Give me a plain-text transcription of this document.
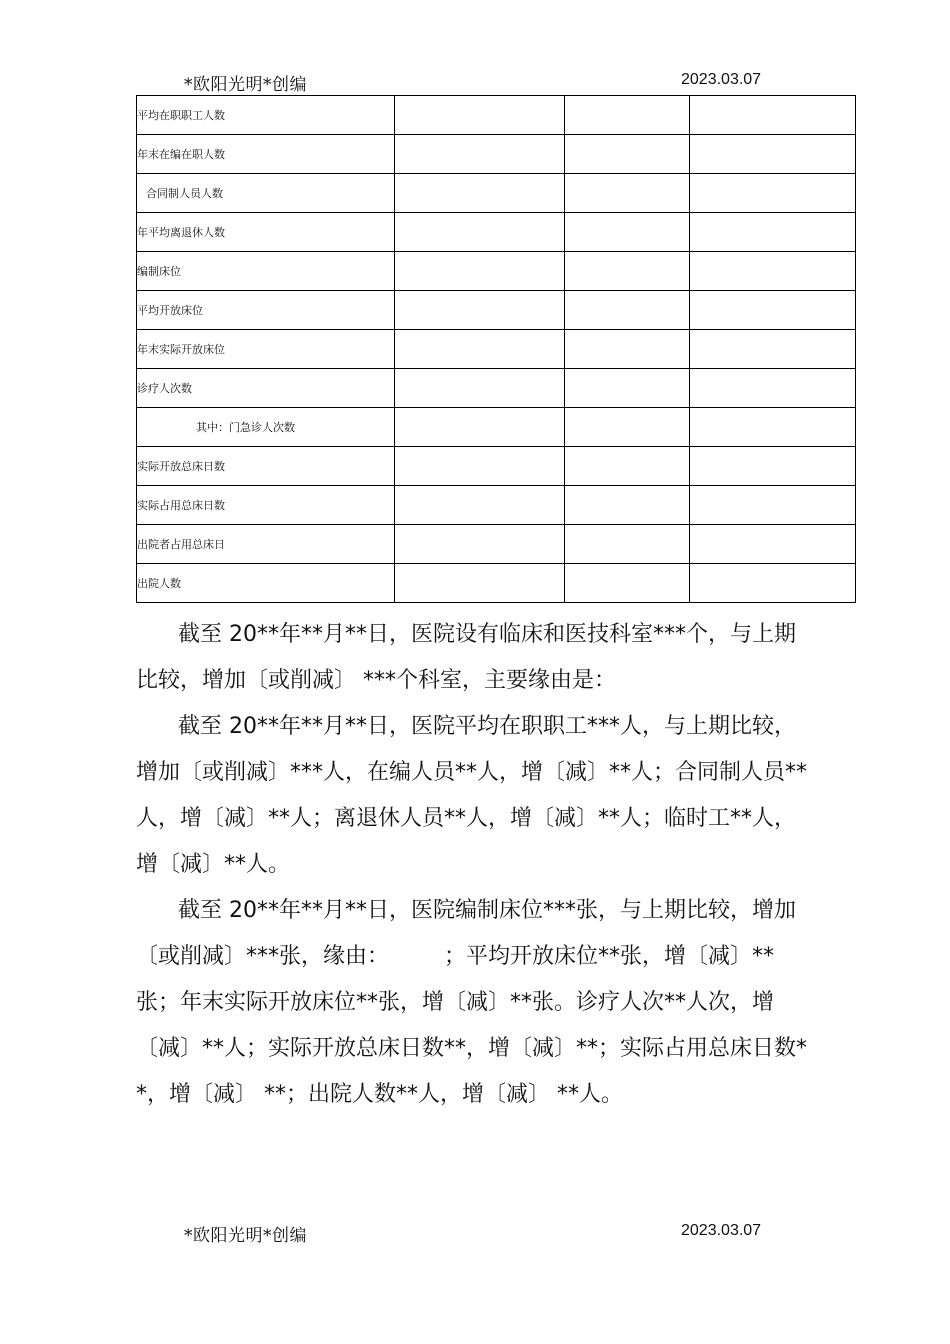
*欧阳光明*创编	2023.03.07
平均在职职工人数			
年末在编在职人数			
合同制人员人数			
年平均离退休人数			
编制床位			
平均开放床位			
年末实际开放床位			
诊疗人次数			
其中：门急诊人次数			
实际开放总床日数			
实际占用总床日数			
出院者占用总床日			
出院人数			

截至 20**年**月**日，医院设有临床和医技科室***个，与上期比较，增加〔或削减〕 ***个科室，主要缘由是：

截至 20**年**月**日，医院平均在职职工***人，与上期比较，增加〔或削减〕***人，在编人员**人，增〔减〕**人；合同制人员**人，增〔减〕**人；离退休人员**人，增〔减〕**人；临时工**人，增〔减〕**人。

截至 20**年**月**日，医院编制床位***张，与上期比较，增加〔或削减〕***张，缘由：　　　；平均开放床位**张，增〔减〕**张；年末实际开放床位**张，增〔减〕**张。诊疗人次**人次，增〔减〕**人；实际开放总床日数**，增〔减〕**；实际占用总床日数**，增〔减〕 **；出院人数**人，增〔减〕 **人。

*欧阳光明*创编	2023.03.07
